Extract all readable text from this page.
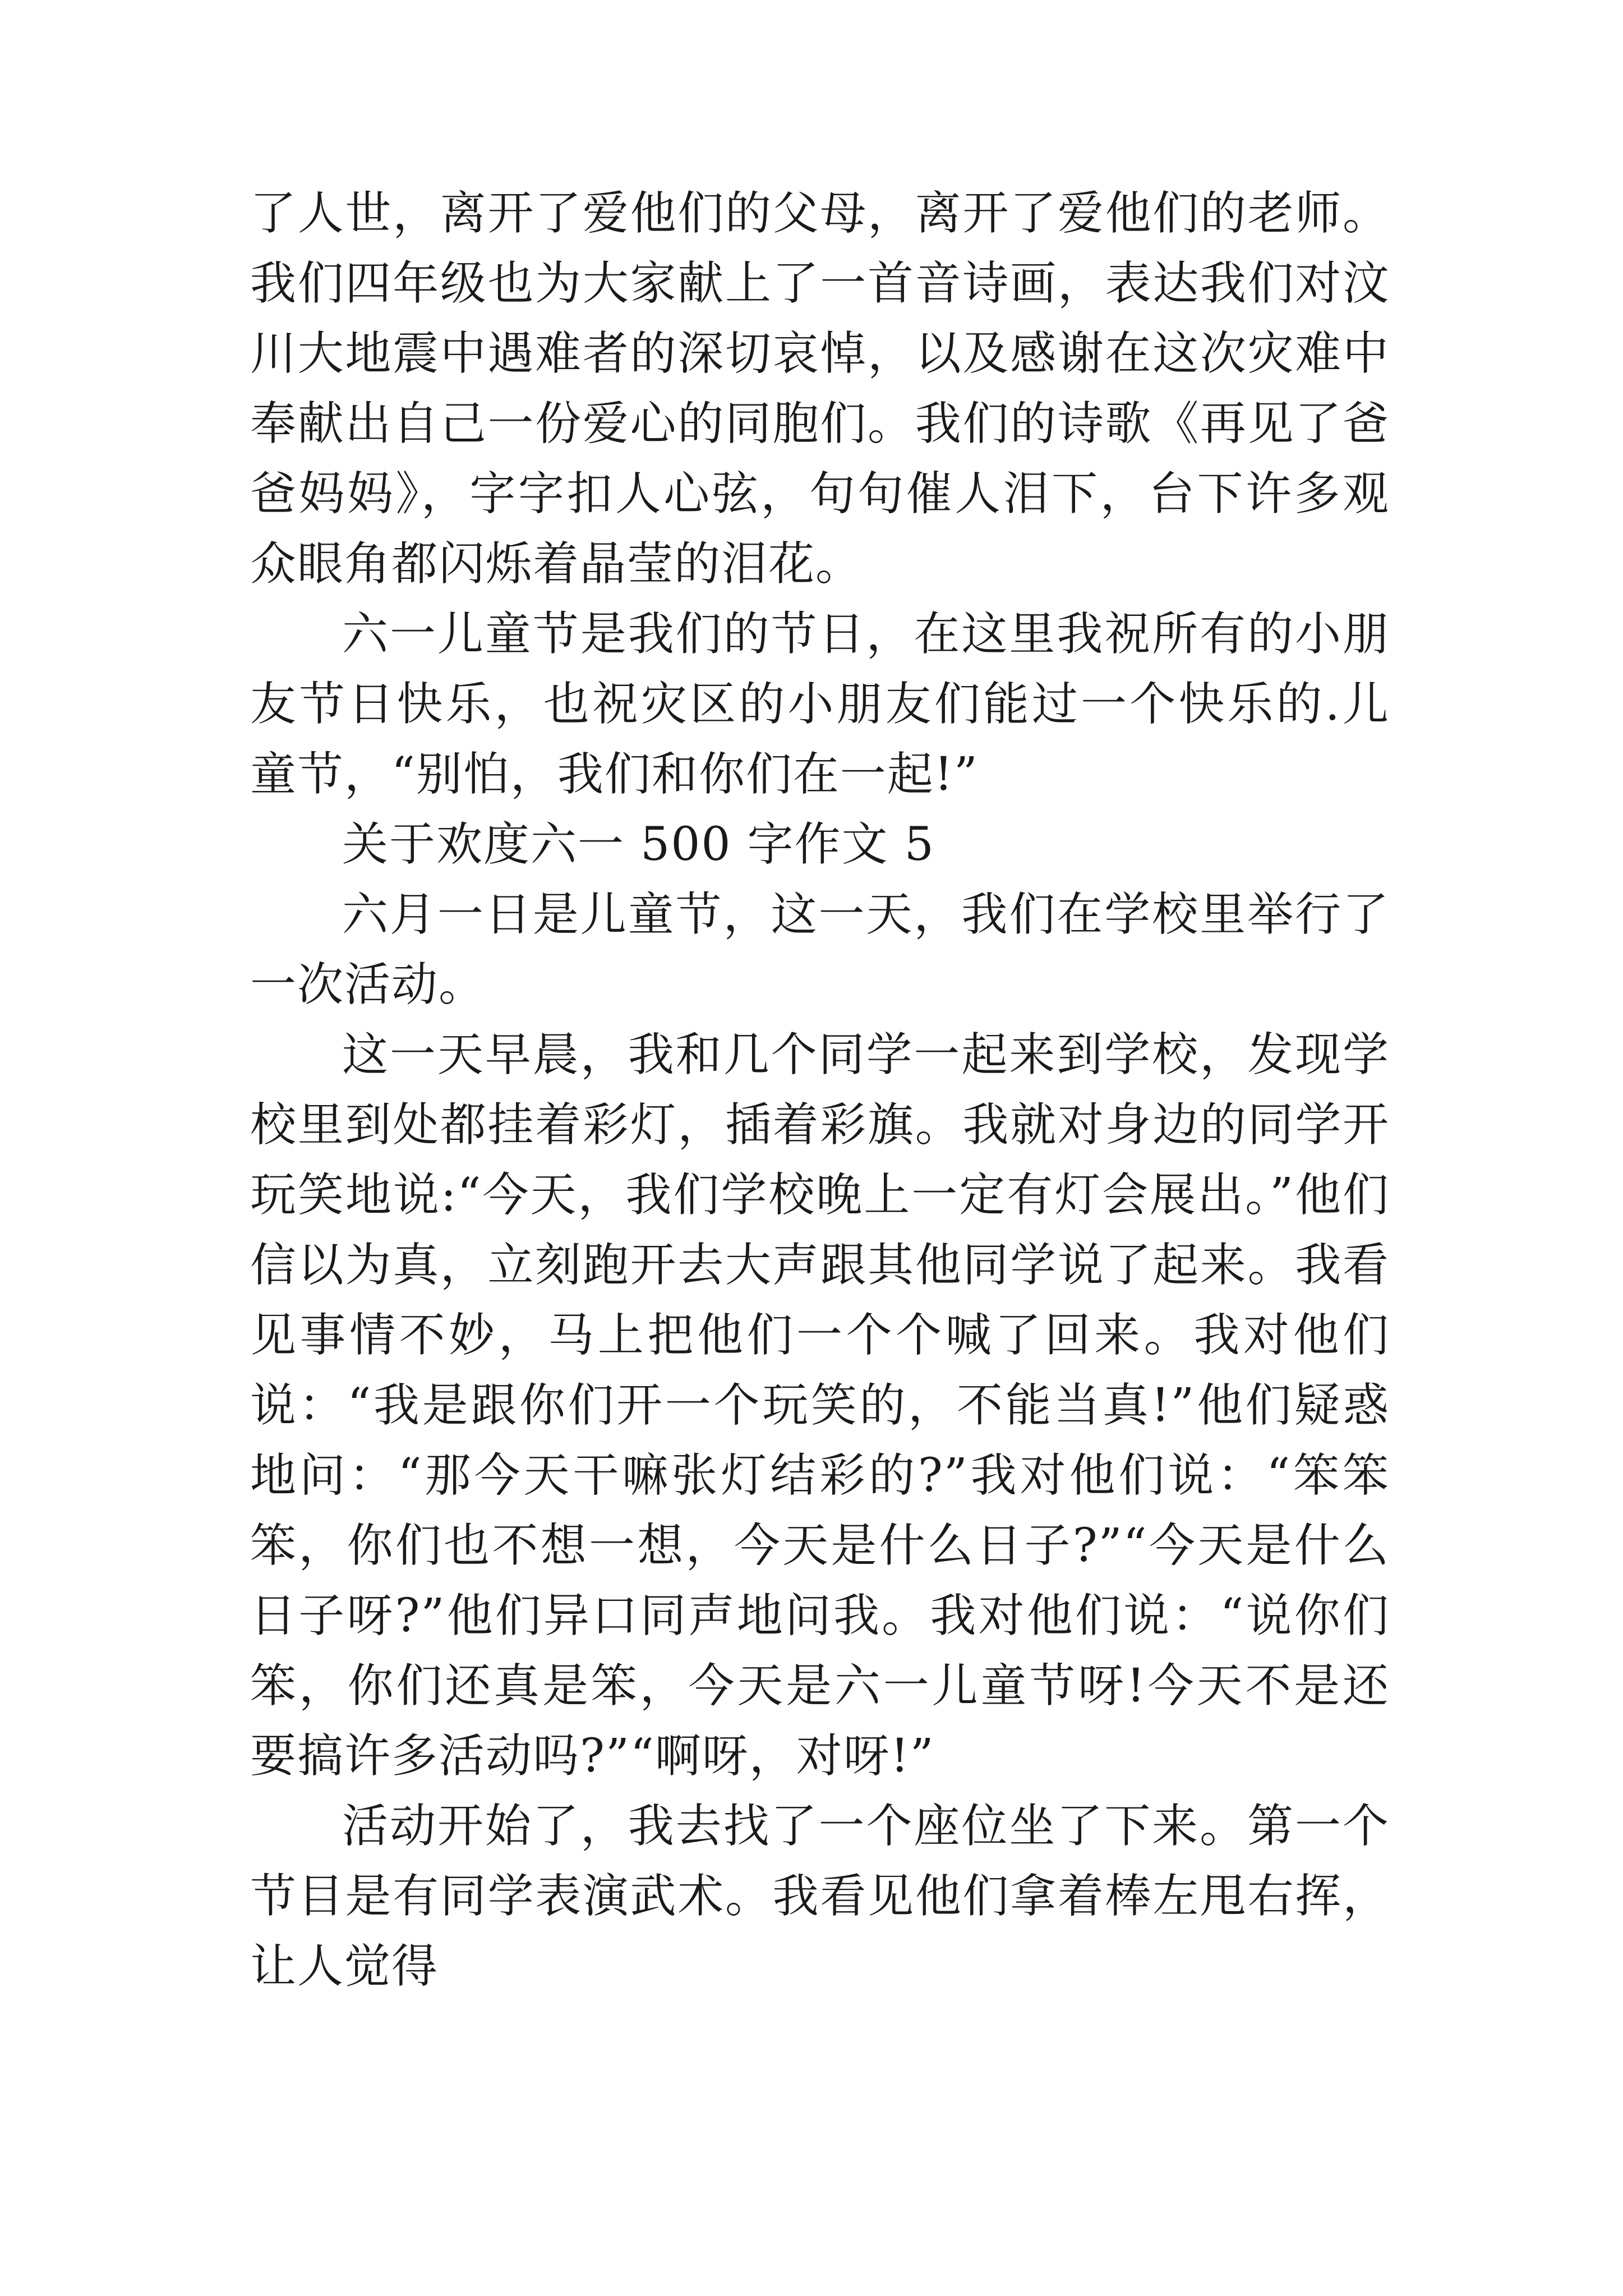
了人世，离开了爱他们的父母，离开了爱他们的老师。我们四年级也为大家献上了一首音诗画，表达我们对汶川大地震中遇难者的深切哀悼，以及感谢在这次灾难中奉献出自己一份爱心的同胞们。我们的诗歌《再见了爸爸妈妈》，字字扣人心弦，句句催人泪下，台下许多观众眼角都闪烁着晶莹的泪花。

六一儿童节是我们的节日，在这里我祝所有的小朋友节日快乐，也祝灾区的小朋友们能过一个快乐的.儿童节，“别怕，我们和你们在一起!”

关于欢度六一 500 字作文 5

六月一日是儿童节，这一天，我们在学校里举行了一次活动。

这一天早晨，我和几个同学一起来到学校，发现学校里到处都挂着彩灯，插着彩旗。我就对身边的同学开玩笑地说:“今天，我们学校晚上一定有灯会展出。”他们信以为真，立刻跑开去大声跟其他同学说了起来。我看见事情不妙，马上把他们一个个喊了回来。我对他们说：“我是跟你们开一个玩笑的，不能当真!”他们疑惑地问：“那今天干嘛张灯结彩的?”我对他们说：“笨笨笨，你们也不想一想，今天是什么日子?”“今天是什么日子呀?”他们异口同声地问我。我对他们说：“说你们笨，你们还真是笨，今天是六一儿童节呀!今天不是还要搞许多活动吗?”“啊呀，对呀!”

活动开始了，我去找了一个座位坐了下来。第一个节目是有同学表演武术。我看见他们拿着棒左甩右挥，让人觉得
